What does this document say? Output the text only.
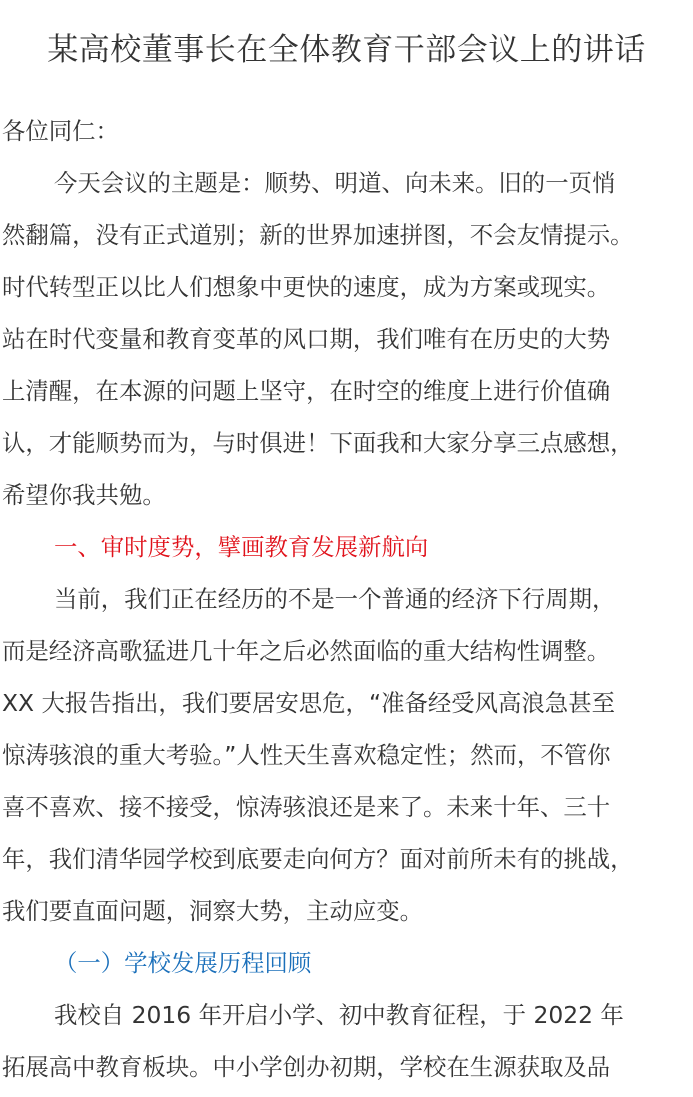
某高校董事长在全体教育干部会议上的讲话
各位同仁：
今天会议的主题是：顺势、明道、向未来。旧的一页悄
然翻篇，没有正式道别；新的世界加速拼图，不会友情提示。
时代转型正以比人们想象中更快的速度，成为方案或现实。
站在时代变量和教育变革的风口期，我们唯有在历史的大势
上清醒，在本源的问题上坚守，在时空的维度上进行价值确
认，才能顺势而为，与时俱进！下面我和大家分享三点感想，
希望你我共勉。
一、审时度势，擘画教育发展新航向
当前，我们正在经历的不是一个普通的经济下行周期，
而是经济高歌猛进几十年之后必然面临的重大结构性调整。
XX 大报告指出，我们要居安思危，“准备经受风高浪急甚至
惊涛骇浪的重大考验。”人性天生喜欢稳定性；然而，不管你
喜不喜欢、接不接受，惊涛骇浪还是来了。未来十年、三十
年，我们清华园学校到底要走向何方？面对前所未有的挑战，
我们要直面问题，洞察大势，主动应变。
（一）学校发展历程回顾
我校自 2016 年开启小学、初中教育征程，于 2022 年
拓展高中教育板块。中小学创办初期，学校在生源获取及品
